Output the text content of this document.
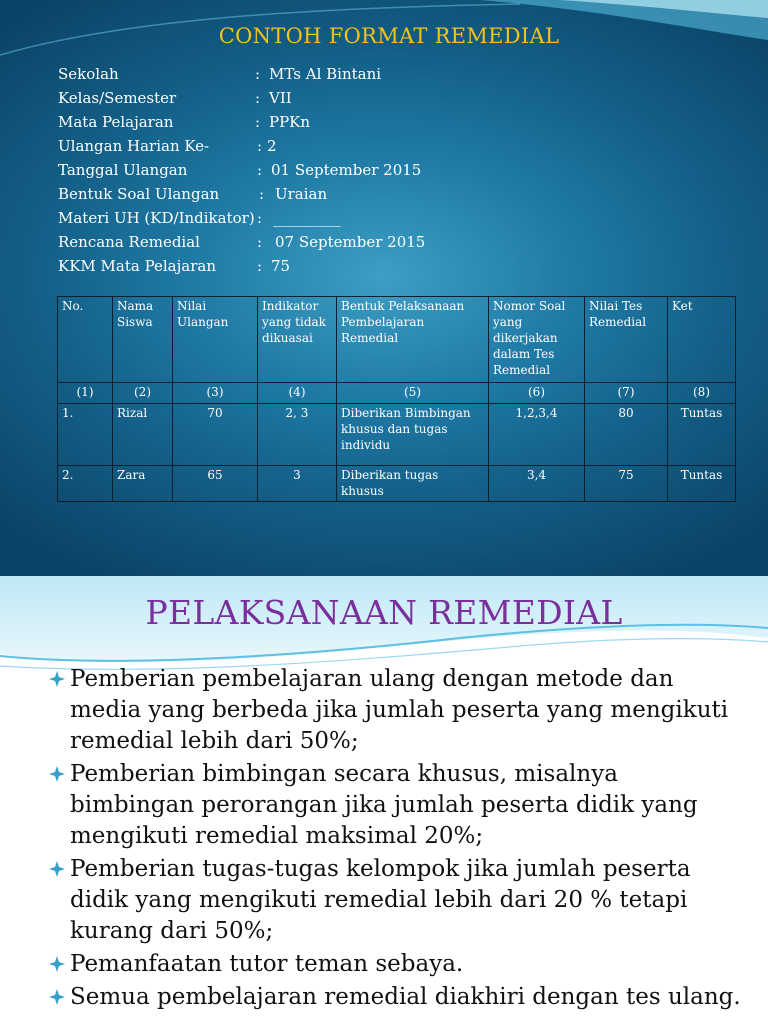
CONTOH FORMAT REMEDIAL
Sekolah	: MTs Al Bintani
Kelas/Semester	: VII
Mata Pelajaran	: PPKn
Ulangan Harian Ke-	: 2
Tanggal Ulangan	: 01 September 2015
Bentuk Soal Ulangan	: Uraian
Materi UH (KD/Indikator) : _________
Rencana Remedial	: 07 September 2015
KKM Mata Pelajaran	: 75
No.	Nama Siswa	Nilai Ulangan	Indikator yang tidak dikuasai	Bentuk Pelaksanaan Pembelajaran Remedial	Nomor Soal yang dikerjakan dalam Tes Remedial	Nilai Tes Remedial	Ket
(1)	(2)	(3)	(4)	(5)	(6)	(7)	(8)
1.	Rizal	70	2, 3	Diberikan Bimbingan khusus dan tugas individu	1,2,3,4	80	Tuntas
2.	Zara	65	3	Diberikan tugas khusus	3,4	75	Tuntas
PELAKSANAAN REMEDIAL
Pemberian pembelajaran ulang dengan metode dan media yang berbeda jika jumlah peserta yang mengikuti remedial lebih dari 50%;
Pemberian bimbingan secara khusus, misalnya bimbingan perorangan jika jumlah peserta didik yang mengikuti remedial maksimal 20%;
Pemberian tugas-tugas kelompok jika jumlah peserta didik yang mengikuti remedial lebih dari 20 % tetapi kurang dari 50%;
Pemanfaatan tutor teman sebaya.
Semua pembelajaran remedial diakhiri dengan tes ulang.
